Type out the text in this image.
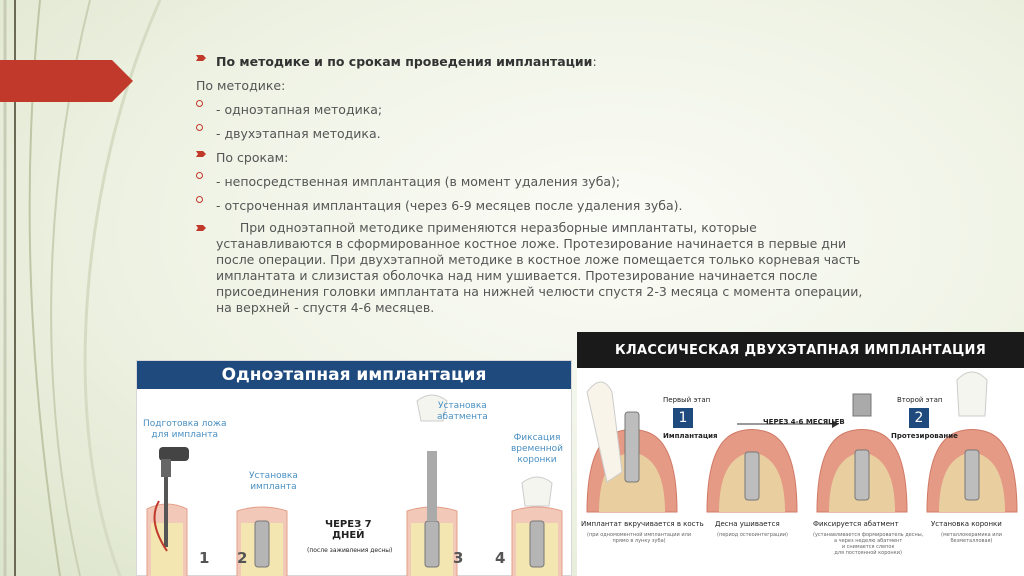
По методике и по срокам проведения имплантации:
По методике:
- одноэтапная методика;
- двухэтапная методика.
По срокам:
- непосредственная имплантация (в момент удаления зуба);
- отсроченная имплантация (через 6-9 месяцев после удаления зуба).

При одноэтапной методике применяются неразборные имплантаты, которые

устанавливаются в сформированное костное ложе. Протезирование начинается в первые дни

после операции. При двухэтапной методике в костное ложе помещается только корневая часть

имплантата и слизистая оболочка над ним ушивается. Протезирование начинается после

присоединения головки имплантата на нижней челюсти спустя 2-3 месяца с момента операции,

на верхней - спустя 4-6 месяцев.

Одноэтапная имплантация
Подготовка ложа
для импланта
Установка
импланта
Установка
абатмента
Фиксация
временной
коронки
ЧЕРЕЗ 7
ДНЕЙ
(после заживления десны)
1 2	3 4
КЛАССИЧЕСКАЯ ДВУХЭТАПНАЯ ИМПЛАНТАЦИЯ
Первый этап
1
Имплантация
ЧЕРЕЗ 4-6 МЕСЯЦЕВ
Второй этап
2
Протезирование
Имплантат вкручивается в кость Десна ушивается	Фиксируется абатмент	Установка коронки
(при одномоментной имплантации или
прямо в лунку зуба)
(период остеоинтеграции)	(устанавливается формирователь десны,
а через неделю абатмент
и снимается слепок
для постоянной коронки)
(металлокерамика или
безметалловая)
